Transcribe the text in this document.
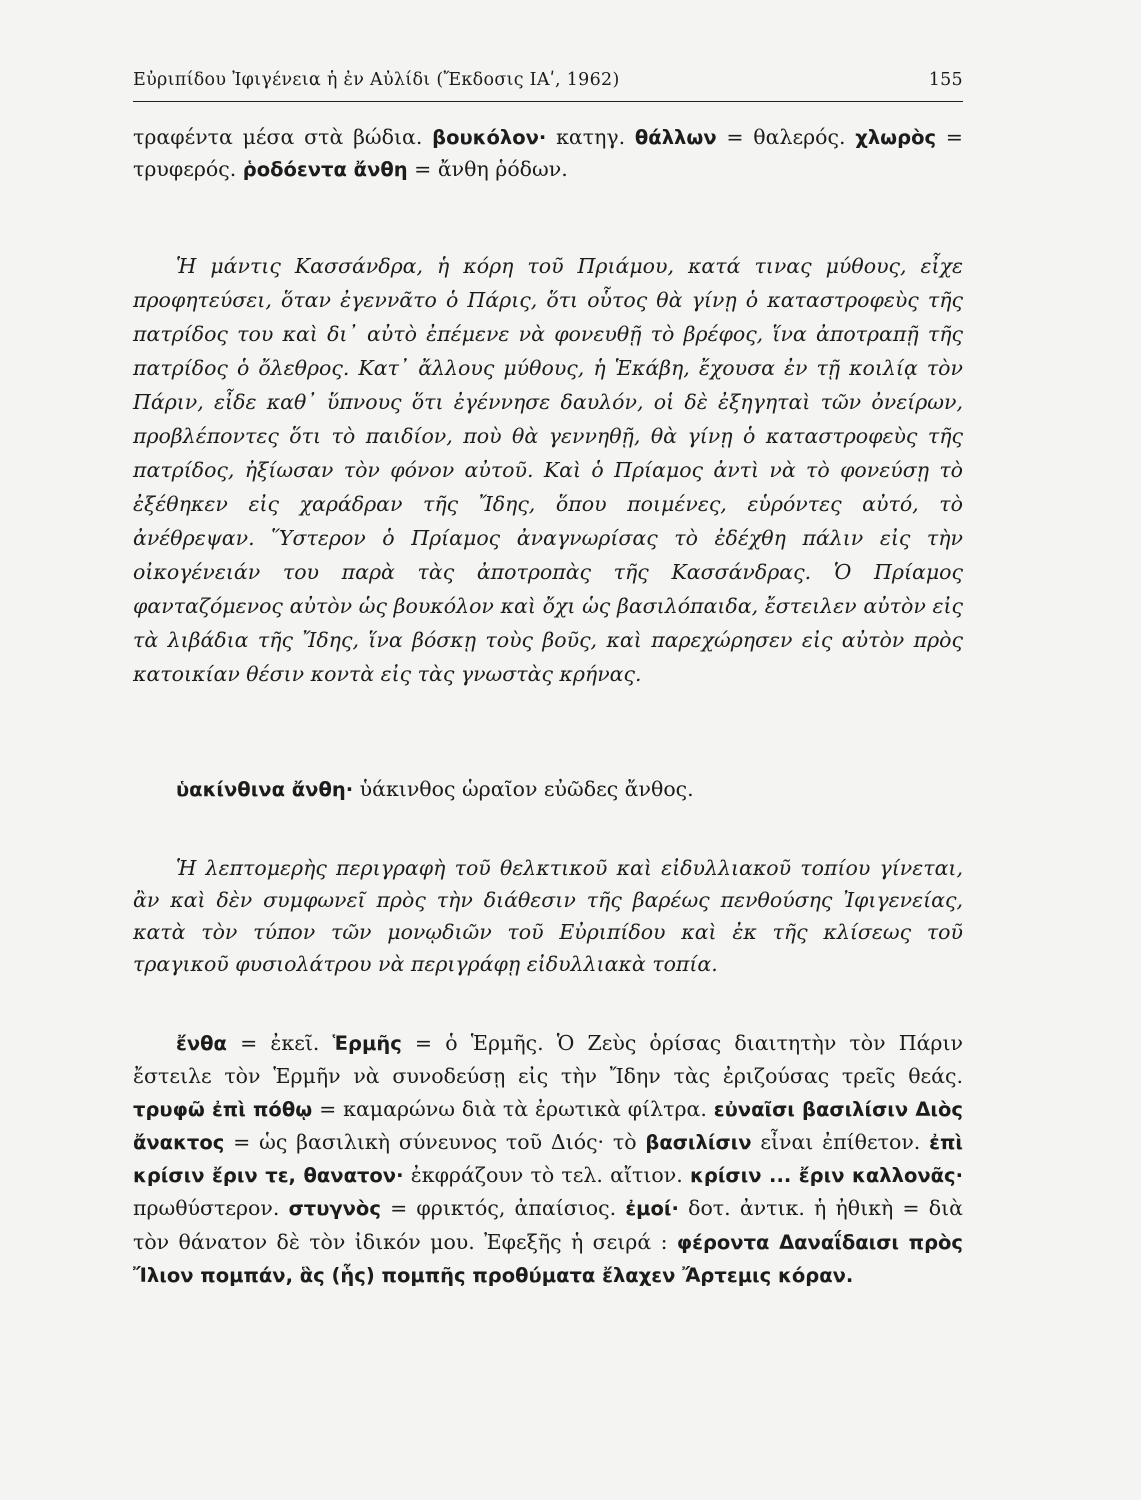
Εὐριπίδου Ἰφιγένεια ἡ ἐν Αὐλίδι (Ἔκδοσις ΙΑʹ, 1962)	155

τραφέντα μέσα στὰ βώδια. βουκόλον· κατηγ. θάλλων = θαλερός. χλωρὸς = τρυφερός. ῥοδόεντα ἄνθη = ἄνθη ῥόδων.

Ἡ μάντις Κασσάνδρα, ἡ κόρη τοῦ Πριάμου, κατά τινας μύθους, εἶχε προφητεύσει, ὅταν ἐγεννᾶτο ὁ Πάρις, ὅτι οὗτος θὰ γίνῃ ὁ καταστροφεὺς τῆς πατρίδος του καὶ δι᾽ αὐτὸ ἐπέμενε νὰ φονευθῇ τὸ βρέφος, ἵνα ἀποτραπῇ τῆς πατρίδος ὁ ὄλεθρος. Κατ᾽ ἄλλους μύθους, ἡ Ἑκάβη, ἔχουσα ἐν τῇ κοιλίᾳ τὸν Πάριν, εἶδε καθ᾽ ὕπνους ὅτι ἐγέννησε δαυλόν, οἱ δὲ ἐξηγηταὶ τῶν ὀνείρων, προβλέποντες ὅτι τὸ παιδίον, ποὺ θὰ γεννηθῇ, θὰ γίνῃ ὁ καταστροφεὺς τῆς πατρίδος, ἠξίωσαν τὸν φόνον αὐτοῦ. Καὶ ὁ Πρίαμος ἀντὶ νὰ τὸ φονεύσῃ τὸ ἐξέθηκεν εἰς χαράδραν τῆς Ἴδης, ὅπου ποιμένες, εὑρόντες αὐτό, τὸ ἀνέθρεψαν. Ὕστερον ὁ Πρίαμος ἀναγνωρίσας τὸ ἐδέχθη πάλιν εἰς τὴν οἰκογένειάν του παρὰ τὰς ἀποτροπὰς τῆς Κασσάνδρας. Ὁ Πρίαμος φανταζόμενος αὐτὸν ὡς βουκόλον καὶ ὄχι ὡς βασιλόπαιδα, ἔστειλεν αὐτὸν εἰς τὰ λιβάδια τῆς Ἴδης, ἵνα βόσκῃ τοὺς βοῦς, καὶ παρεχώρησεν εἰς αὐτὸν πρὸς κατοικίαν θέσιν κοντὰ εἰς τὰς γνωστὰς κρήνας.

ὑακίνθινα ἄνθη· ὑάκινθος ὡραῖον εὐῶδες ἄνθος.

Ἡ λεπτομερὴς περιγραφὴ τοῦ θελκτικοῦ καὶ εἰδυλλιακοῦ τοπίου γίνεται, ἂν καὶ δὲν συμφωνεῖ πρὸς τὴν διάθεσιν τῆς βαρέως πενθούσης Ἰφιγενείας, κατὰ τὸν τύπον τῶν μονῳδιῶν τοῦ Εὐριπίδου καὶ ἐκ τῆς κλίσεως τοῦ τραγικοῦ φυσιολάτρου νὰ περιγράφῃ εἰδυλλιακὰ τοπία.

ἔνθα = ἐκεῖ. Ἑρμῆς = ὁ Ἑρμῆς. Ὁ Ζεὺς ὁρίσας διαιτητὴν τὸν Πάριν ἔστειλε τὸν Ἑρμῆν νὰ συνοδεύσῃ εἰς τὴν Ἴδην τὰς ἐριζούσας τρεῖς θεάς. τρυφῶ ἐπὶ πόθῳ = καμαρώνω διὰ τὰ ἐρωτικὰ φίλτρα. εὐναῖσι βασιλίσιν Διὸς ἄνακτος = ὡς βασιλικὴ σύνευνος τοῦ Διός· τὸ βασιλίσιν εἶναι ἐπίθετον. ἐπὶ κρίσιν ἔριν τε, θανατον· ἐκφράζουν τὸ τελ. αἴτιον. κρίσιν ... ἔριν καλλονᾶς· πρωθύστερον. στυγνὸς = φρικτός, ἀπαίσιος. ἐμοί· δοτ. ἀντικ. ἡ ἠθικὴ = διὰ τὸν θάνατον δὲ τὸν ἰδικόν μου. Ἐφεξῆς ἡ σειρά : φέροντα Δαναΐδαισι πρὸς Ἴλιον πομπάν, ἃς (ἧς) πομπῆς προθύματα ἔλαχεν Ἄρτεμις κόραν.
